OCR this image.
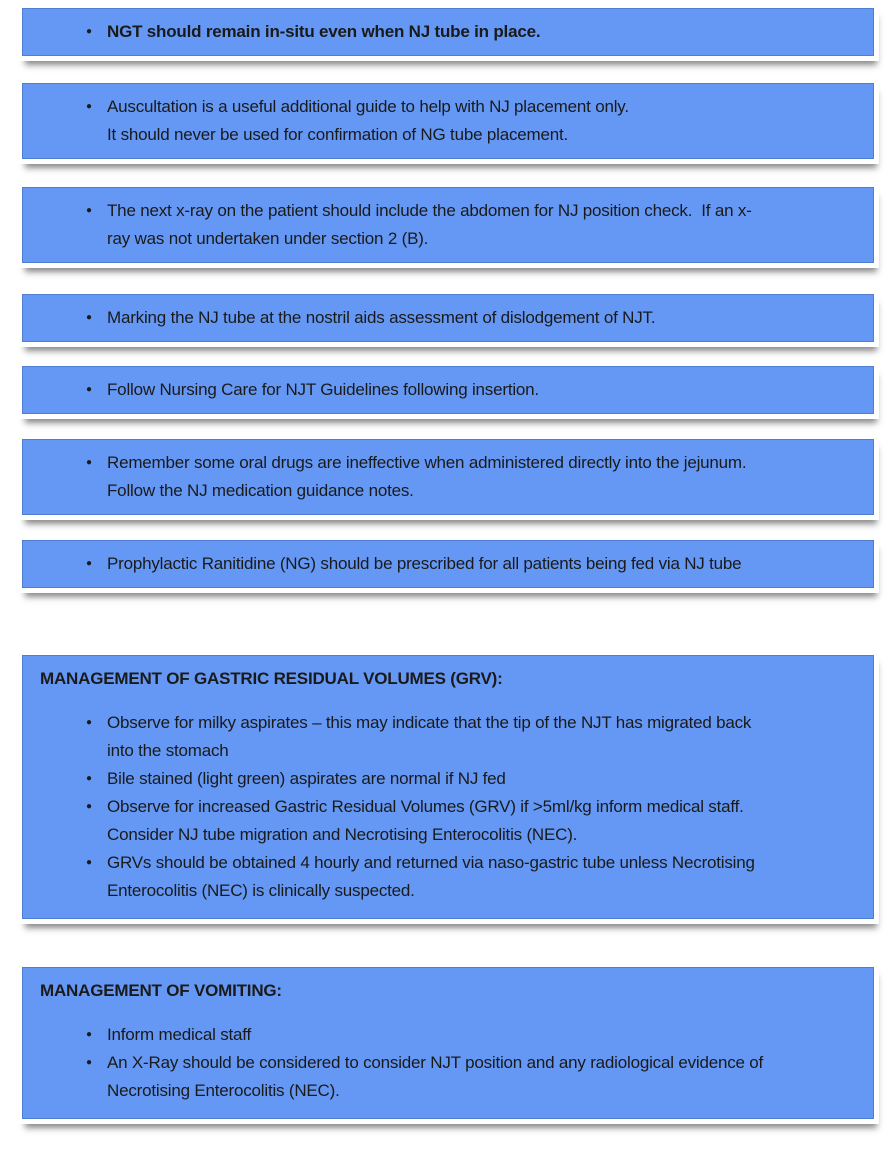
● NGT should remain in-situ even when NJ tube in place.
● Auscultation is a useful additional guide to help with NJ placement only.
It should never be used for confirmation of NG tube placement.
● The next x-ray on the patient should include the abdomen for NJ position check.  If an x-
ray was not undertaken under section 2 (B).
● Marking the NJ tube at the nostril aids assessment of dislodgement of NJT.
● Follow Nursing Care for NJT Guidelines following insertion.
● Remember some oral drugs are ineffective when administered directly into the jejunum.
Follow the NJ medication guidance notes.
● Prophylactic Ranitidine (NG) should be prescribed for all patients being fed via NJ tube
MANAGEMENT OF GASTRIC RESIDUAL VOLUMES (GRV):
● Observe for milky aspirates – this may indicate that the tip of the NJT has migrated back
into the stomach
● Bile stained (light green) aspirates are normal if NJ fed
● Observe for increased Gastric Residual Volumes (GRV) if >5ml/kg inform medical staff.
Consider NJ tube migration and Necrotising Enterocolitis (NEC).
● GRVs should be obtained 4 hourly and returned via naso-gastric tube unless Necrotising
Enterocolitis (NEC) is clinically suspected.
MANAGEMENT OF VOMITING:
● Inform medical staff
● An X-Ray should be considered to consider NJT position and any radiological evidence of
Necrotising Enterocolitis (NEC).
